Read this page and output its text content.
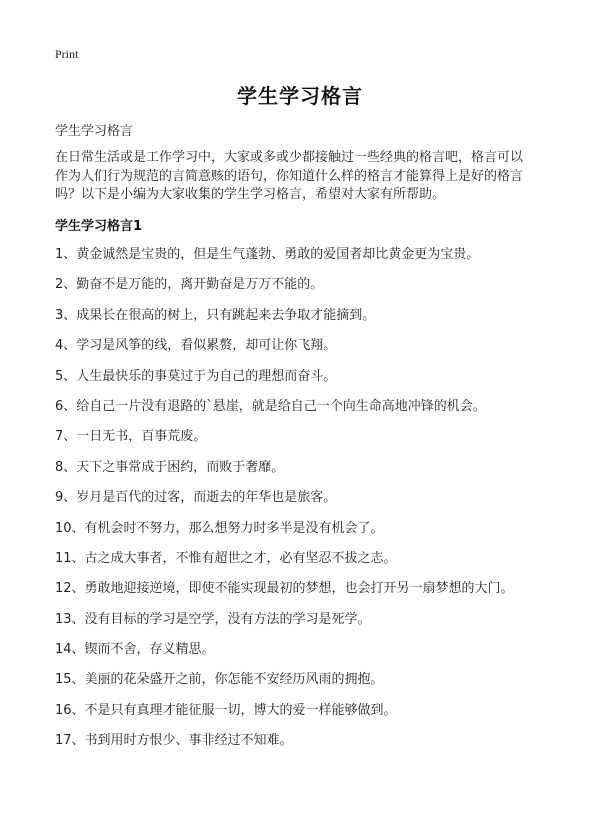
Print
学生学习格言
学生学习格言
在日常生活或是工作学习中，大家或多或少都接触过一些经典的格言吧，格言可以
作为人们行为规范的言简意赅的语句，你知道什么样的格言才能算得上是好的格言
吗？以下是小编为大家收集的学生学习格言，希望对大家有所帮助。
学生学习格言1
1、黄金诚然是宝贵的，但是生气蓬勃、勇敢的爱国者却比黄金更为宝贵。
2、勤奋不是万能的，离开勤奋是万万不能的。
3、成果长在很高的树上，只有跳起来去争取才能摘到。
4、学习是风筝的线，看似累赘，却可让你飞翔。
5、人生最快乐的事莫过于为自己的理想而奋斗。
6、给自己一片没有退路的`悬崖，就是给自己一个向生命高地冲锋的机会。
7、一日无书，百事荒废。
8、天下之事常成于困约，而败于奢靡。
9、岁月是百代的过客，而逝去的年华也是旅客。
10、有机会时不努力，那么想努力时多半是没有机会了。
11、古之成大事者，不惟有超世之才，必有坚忍不拔之志。
12、勇敢地迎接逆境，即使不能实现最初的梦想，也会打开另一扇梦想的大门。
13、没有目标的学习是空学，没有方法的学习是死学。
14、锲而不舍，存义精思。
15、美丽的花朵盛开之前，你怎能不安经历风雨的拥抱。
16、不是只有真理才能征服一切，博大的爱一样能够做到。
17、书到用时方恨少、事非经过不知难。
